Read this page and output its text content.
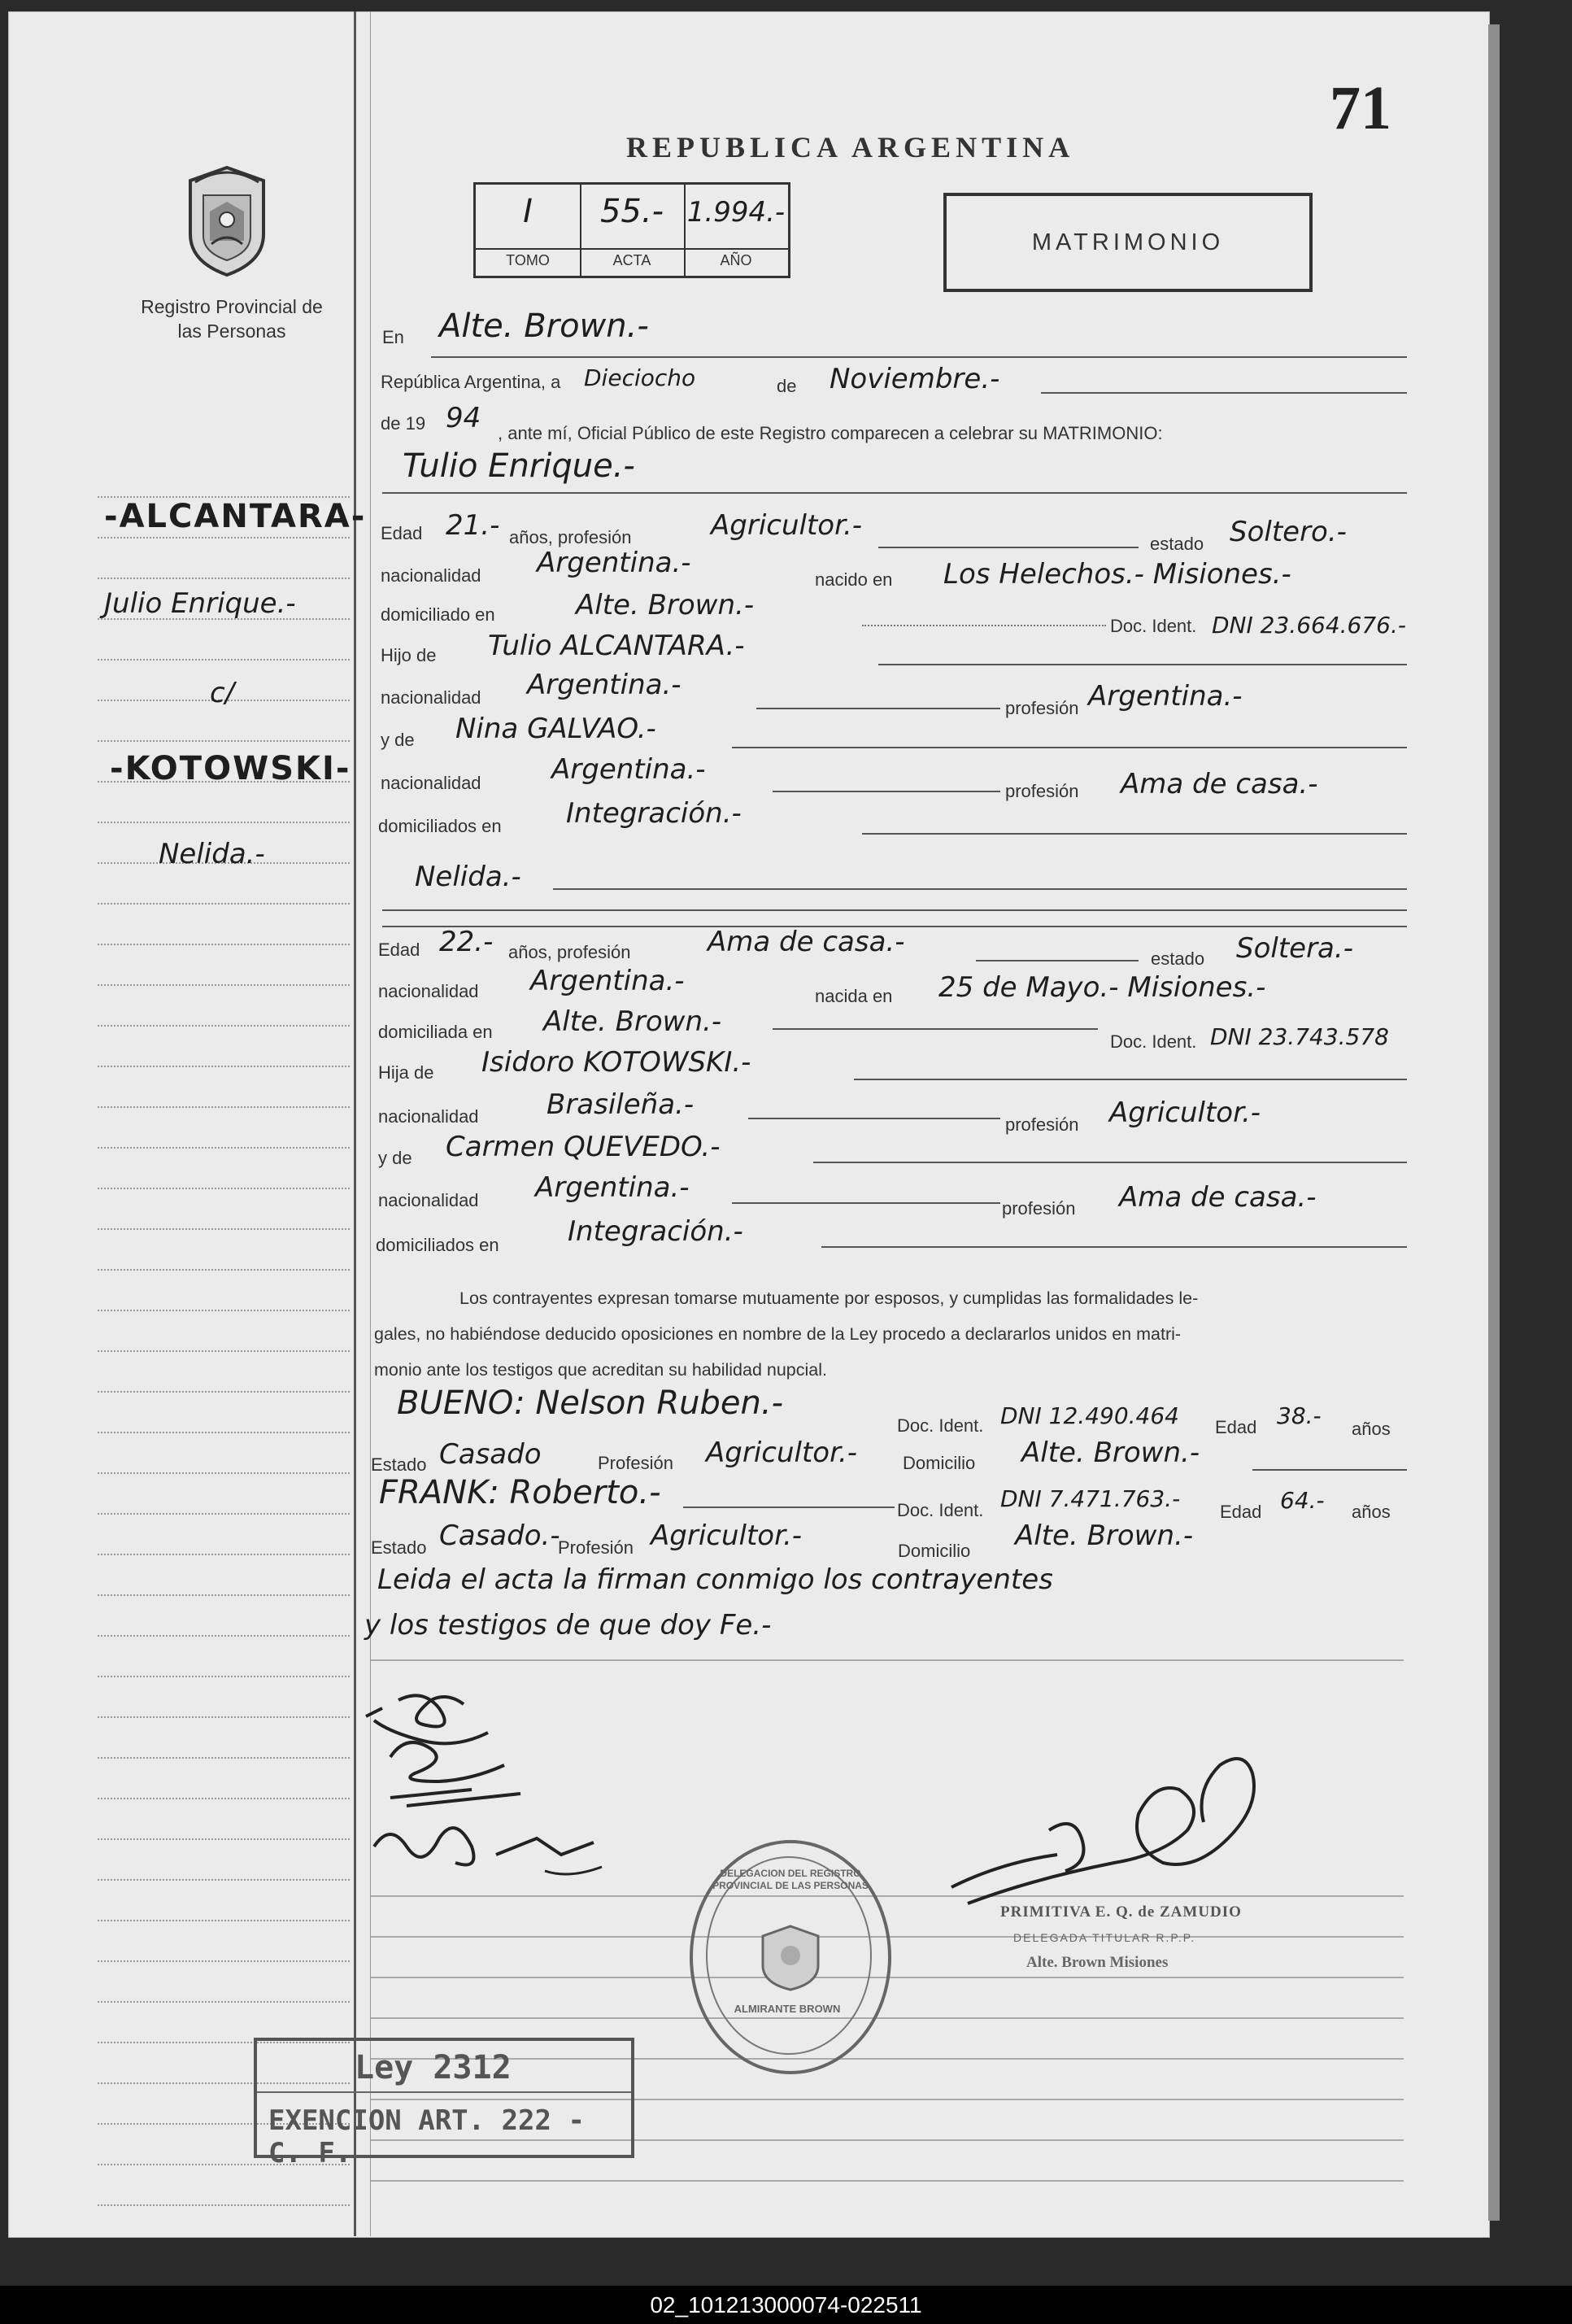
71
REPUBLICA ARGENTINA
Registro Provincial de las Personas
I
TOMO
55.-
ACTA
1.994.-
AÑO
MATRIMONIO
-ALCANTARA-
Julio Enrique.-
c/
-KOTOWSKI-
Nelida.-
En Alte. Brown.-
República Argentina, a Dieciocho	de Noviembre.-
de 19 94 , ante mí, Oficial Público de este Registro comparecen a celebrar su MATRIMONIO:
Tulio Enrique.-
Edad 21.- años, profesión	Agricultor.-
estado Soltero.-
nacionalidad Argentina.-
nacido en Los Helechos.- Misiones.-
domiciliado en	Alte. Brown.-
Doc. Ident. DNI 23.664.676.-
Hijo de Tulio ALCANTARA.-
nacionalidad Argentina.-
profesión Argentina.-
y de Nina GALVAO.-
nacionalidad	Argentina.-
profesión Ama de casa.-
domiciliados en Integración.-
Nelida.-
Edad 22.- años, profesión	Ama de casa.-
estado Soltera.-
nacionalidad Argentina.-	nacida en 25 de Mayo.- Misiones.-
domiciliada en Alte. Brown.-
Doc. Ident. DNI 23.743.578
Hija de Isidoro KOTOWSKI.-
nacionalidad Brasileña.-
profesión Agricultor.-
y de Carmen QUEVEDO.-
nacionalidad Argentina.-
profesión Ama de casa.-
domiciliados en Integración.-
Los contrayentes expresan tomarse mutuamente por esposos, y cumplidas las formalidades le-
gales, no habiéndose deducido oposiciones en nombre de la Ley procedo a declararlos unidos en matri-
monio ante los testigos que acreditan su habilidad nupcial.
BUENO: Nelson Ruben.-
Doc. Ident. DNI 12.490.464 Edad 38.- años
Estado Casado	Profesión Agricultor.-	Domicilio Alte. Brown.-
FRANK: Roberto.-	Doc. Ident. DNI 7.471.763.- Edad 64.- años
Estado Casado.-
Profesión Agricultor.-	Domicilio Alte. Brown.-
Leida el acta la firman conmigo los contrayentes
y los testigos de que doy Fe.-
PRIMITIVA E. Q. de ZAMUDIO
DELEGADA TITULAR R.P.P.
Alte. Brown Misiones
DELEGACION DEL REGISTRO PROVINCIAL DE LAS PERSONAS
ALMIRANTE BROWN
Ley 2312
EXENCION ART. 222 - C. F.
02_101213000074-022511
